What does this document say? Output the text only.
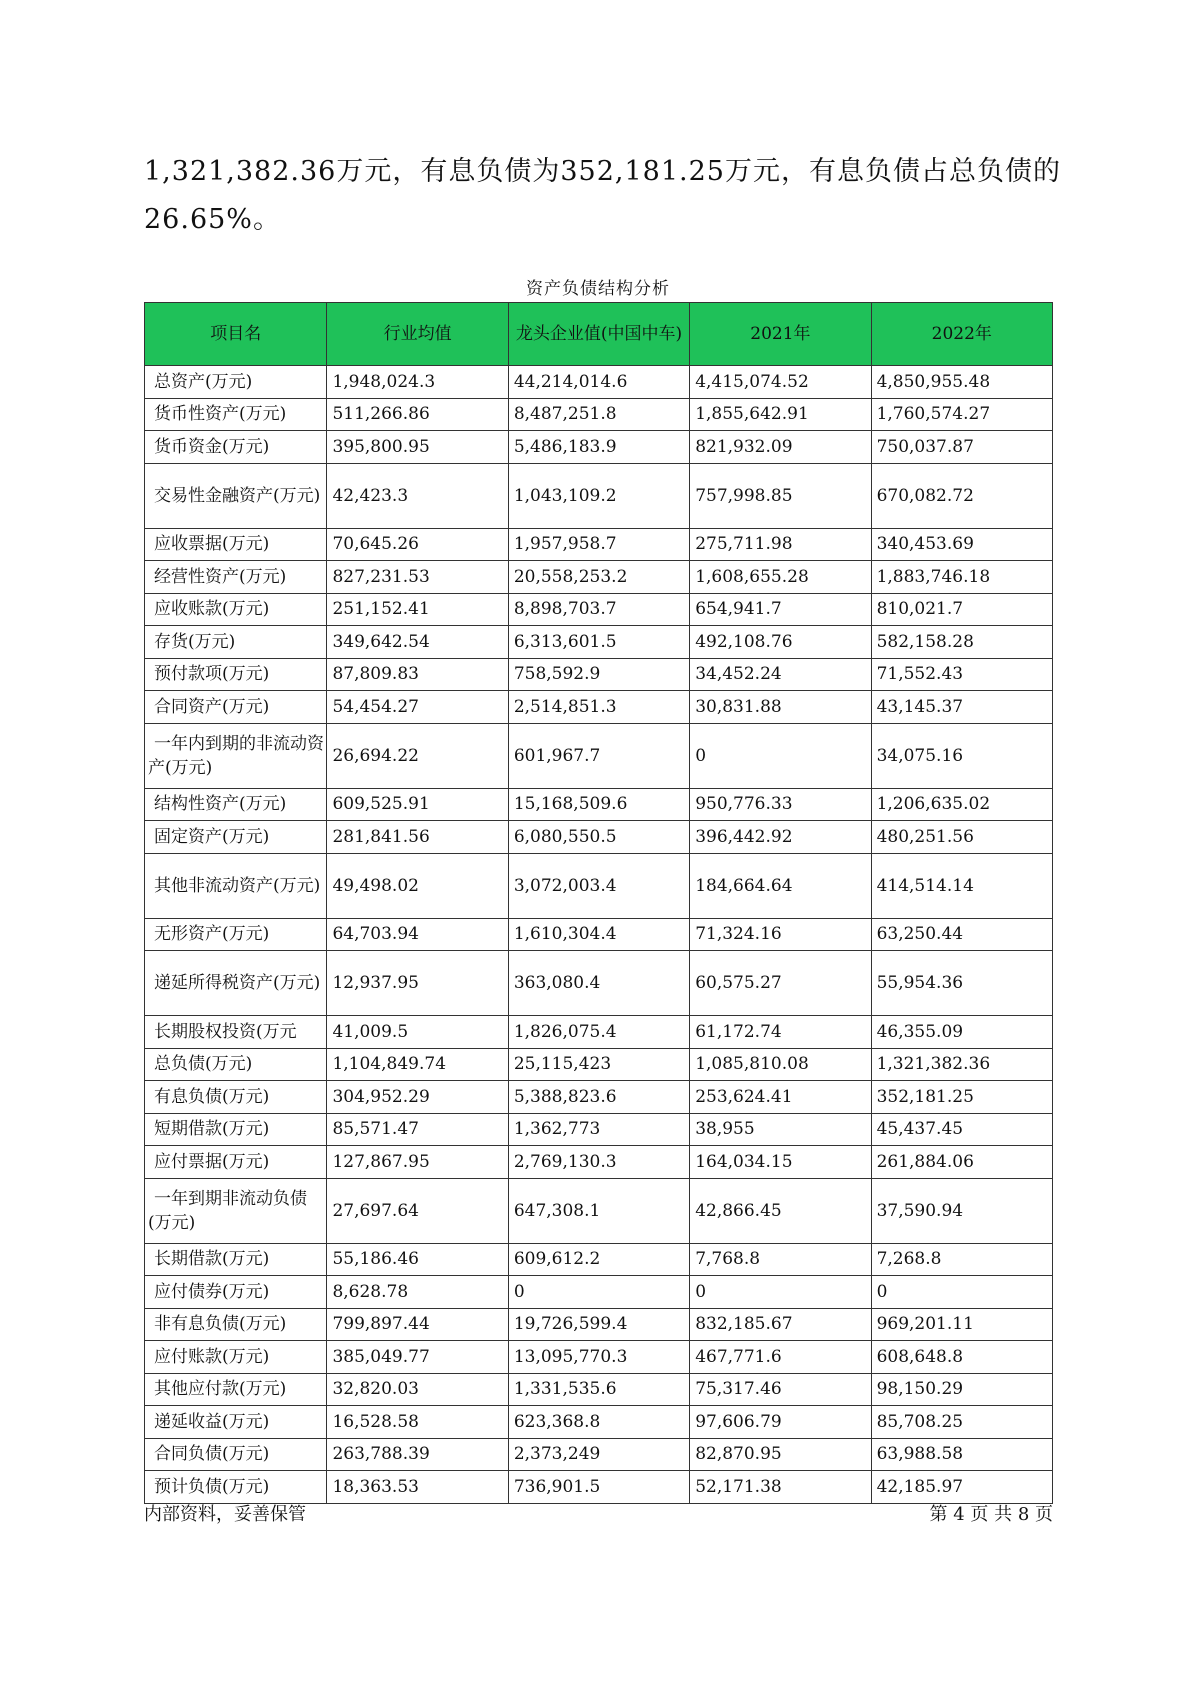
1,321,382.36万元，有息负债为352,181.25万元，有息负债占总负债的
26.65%。
资产负债结构分析
项目名	行业均值	龙头企业值(中国中车)	2021年	2022年
总资产(万元)	1,948,024.3	44,214,014.6	4,415,074.52	4,850,955.48
货币性资产(万元)	511,266.86	8,487,251.8	1,855,642.91	1,760,574.27
货币资金(万元)	395,800.95	5,486,183.9	821,932.09	750,037.87
交易性金融资产(万元)	42,423.3	1,043,109.2	757,998.85	670,082.72
应收票据(万元)	70,645.26	1,957,958.7	275,711.98	340,453.69
经营性资产(万元)	827,231.53	20,558,253.2	1,608,655.28	1,883,746.18
应收账款(万元)	251,152.41	8,898,703.7	654,941.7	810,021.7
存货(万元)	349,642.54	6,313,601.5	492,108.76	582,158.28
预付款项(万元)	87,809.83	758,592.9	34,452.24	71,552.43
合同资产(万元)	54,454.27	2,514,851.3	30,831.88	43,145.37
一年内到期的非流动资产(万元)	26,694.22	601,967.7	0	34,075.16
结构性资产(万元)	609,525.91	15,168,509.6	950,776.33	1,206,635.02
固定资产(万元)	281,841.56	6,080,550.5	396,442.92	480,251.56
其他非流动资产(万元)	49,498.02	3,072,003.4	184,664.64	414,514.14
无形资产(万元)	64,703.94	1,610,304.4	71,324.16	63,250.44
递延所得税资产(万元)	12,937.95	363,080.4	60,575.27	55,954.36
长期股权投资(万元	41,009.5	1,826,075.4	61,172.74	46,355.09
总负债(万元)	1,104,849.74	25,115,423	1,085,810.08	1,321,382.36
有息负债(万元)	304,952.29	5,388,823.6	253,624.41	352,181.25
短期借款(万元)	85,571.47	1,362,773	38,955	45,437.45
应付票据(万元)	127,867.95	2,769,130.3	164,034.15	261,884.06
一年到期非流动负债(万元)	27,697.64	647,308.1	42,866.45	37,590.94
长期借款(万元)	55,186.46	609,612.2	7,768.8	7,268.8
应付债券(万元)	8,628.78	0	0	0
非有息负债(万元)	799,897.44	19,726,599.4	832,185.67	969,201.11
应付账款(万元)	385,049.77	13,095,770.3	467,771.6	608,648.8
其他应付款(万元)	32,820.03	1,331,535.6	75,317.46	98,150.29
递延收益(万元)	16,528.58	623,368.8	97,606.79	85,708.25
合同负债(万元)	263,788.39	2,373,249	82,870.95	63,988.58
预计负债(万元)	18,363.53	736,901.5	52,171.38	42,185.97
内部资料，妥善保管	第 4 页 共 8 页
